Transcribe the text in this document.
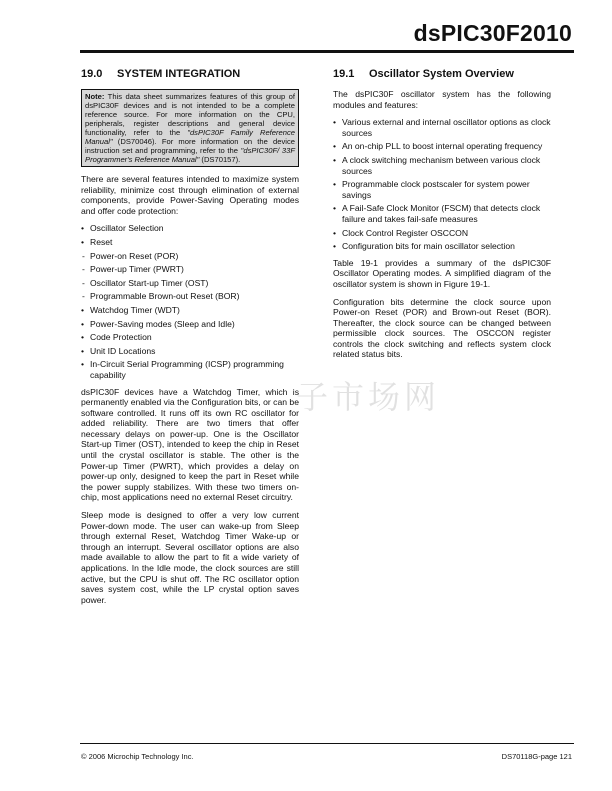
dsPIC30F2010
19.0 SYSTEM INTEGRATION
Note: This data sheet summarizes features of this group of dsPIC30F devices and is not intended to be a complete reference source. For more information on the CPU, peripherals, register descriptions and general device functionality, refer to the "dsPIC30F Family Reference Manual" (DS70046). For more information on the device instruction set and programming, refer to the "dsPIC30F/ 33F Programmer's Reference Manual" (DS70157).

There are several features intended to maximize system reliability, minimize cost through elimination of external components, provide Power-Saving Operating modes and offer code protection:

• Oscillator Selection
• Reset
- Power-on Reset (POR)
- Power-up Timer (PWRT)
- Oscillator Start-up Timer (OST)
- Programmable Brown-out Reset (BOR)
• Watchdog Timer (WDT)
• Power-Saving modes (Sleep and Idle)
• Code Protection
• Unit ID Locations
• In-Circuit Serial Programming (ICSP) programming capability

dsPIC30F devices have a Watchdog Timer, which is permanently enabled via the Configuration bits, or can be software controlled. It runs off its own RC oscillator for added reliability. There are two timers that offer necessary delays on power-up. One is the Oscillator Start-up Timer (OST), intended to keep the chip in Reset until the crystal oscillator is stable. The other is the Power-up Timer (PWRT), which provides a delay on power-up only, designed to keep the part in Reset while the power supply stabilizes. With these two timers on-chip, most applications need no external Reset circuitry.

Sleep mode is designed to offer a very low current Power-down mode. The user can wake-up from Sleep through external Reset, Watchdog Timer Wake-up or through an interrupt. Several oscillator options are also made available to allow the part to fit a wide variety of applications. In the Idle mode, the clock sources are still active, but the CPU is shut off. The RC oscillator option saves system cost, while the LP crystal option saves power.

19.1 Oscillator System Overview

The dsPIC30F oscillator system has the following modules and features:

• Various external and internal oscillator options as clock sources
• An on-chip PLL to boost internal operating frequency
• A clock switching mechanism between various clock sources
• Programmable clock postscaler for system power savings
• A Fail-Safe Clock Monitor (FSCM) that detects clock failure and takes fail-safe measures
• Clock Control Register OSCCON
• Configuration bits for main oscillator selection

Table 19-1 provides a summary of the dsPIC30F Oscillator Operating modes. A simplified diagram of the oscillator system is shown in Figure 19-1.

Configuration bits determine the clock source upon Power-on Reset (POR) and Brown-out Reset (BOR). Thereafter, the clock source can be changed between permissible clock sources. The OSCCON register controls the clock switching and reflects system clock related status bits.

子市场网
© 2006 Microchip Technology Inc.	DS70118G-page 121
